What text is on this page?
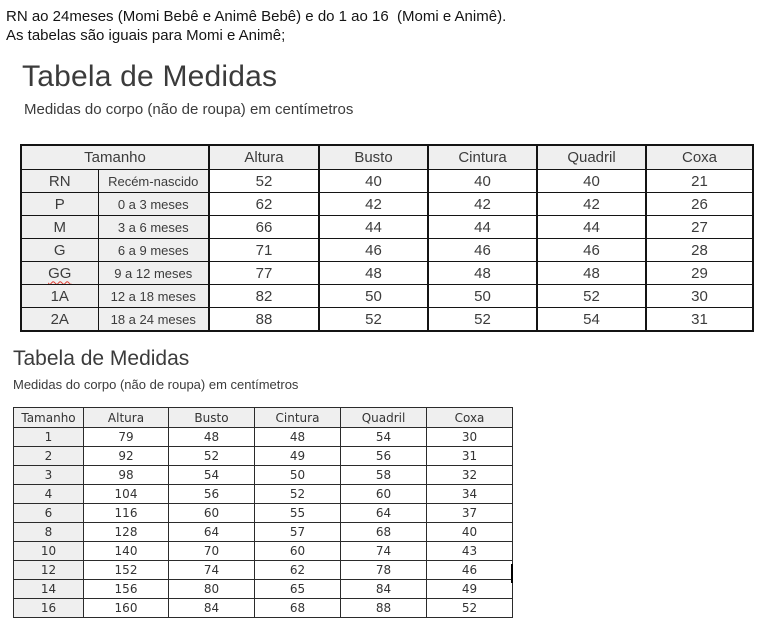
RN ao 24meses (Momi Bebê e Animê Bebê) e do 1 ao 16  (Momi e Animê).
As tabelas são iguais para Momi e Animê;
Tabela de Medidas
Medidas do corpo (não de roupa) em centímetros
Tamanho		Altura	Busto	Cintura	Quadril	Coxa
RN	Recém-nascido	52	40	40	40	21
P	0 a 3 meses	62	42	42	42	26
M	3 a 6 meses	66	44	44	44	27
G	6 a 9 meses	71	46	46	46	28
GG	9 a 12 meses	77	48	48	48	29
1A	12 a 18 meses	82	50	50	52	30
2A	18 a 24 meses	88	52	52	54	31
Tabela de Medidas
Medidas do corpo (não de roupa) em centímetros
Tamanho	Altura	Busto	Cintura	Quadril	Coxa
1	79	48	48	54	30
2	92	52	49	56	31
3	98	54	50	58	32
4	104	56	52	60	34
6	116	60	55	64	37
8	128	64	57	68	40
10	140	70	60	74	43
12	152	74	62	78	46
14	156	80	65	84	49
16	160	84	68	88	52
